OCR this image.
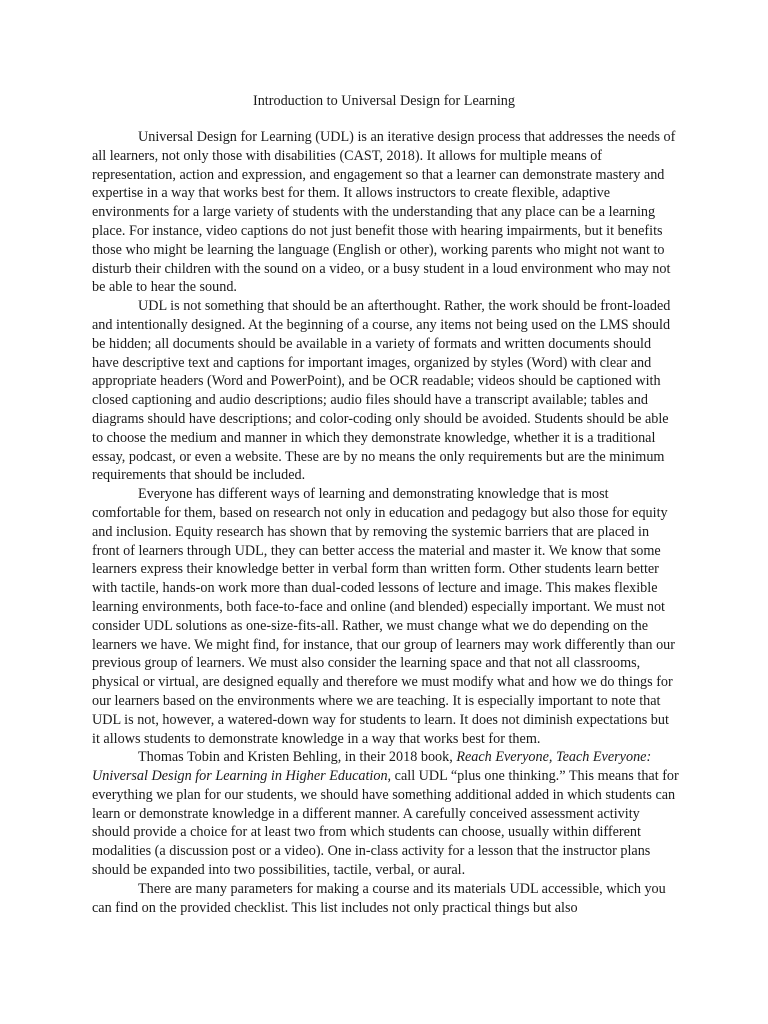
Introduction to Universal Design for Learning

Universal Design for Learning (UDL) is an iterative design process that addresses the needs of all learners, not only those with disabilities (CAST, 2018). It allows for multiple means of representation, action and expression, and engagement so that a learner can demonstrate mastery and expertise in a way that works best for them. It allows instructors to create flexible, adaptive environments for a large variety of students with the understanding that any place can be a learning place. For instance, video captions do not just benefit those with hearing impairments, but it benefits those who might be learning the language (English or other), working parents who might not want to disturb their children with the sound on a video, or a busy student in a loud environment who may not be able to hear the sound.

UDL is not something that should be an afterthought. Rather, the work should be front-loaded and intentionally designed. At the beginning of a course, any items not being used on the LMS should be hidden; all documents should be available in a variety of formats and written documents should have descriptive text and captions for important images, organized by styles (Word) with clear and appropriate headers (Word and PowerPoint), and be OCR readable; videos should be captioned with closed captioning and audio descriptions; audio files should have a transcript available; tables and diagrams should have descriptions; and color-coding only should be avoided. Students should be able to choose the medium and manner in which they demonstrate knowledge, whether it is a traditional essay, podcast, or even a website. These are by no means the only requirements but are the minimum requirements that should be included.

Everyone has different ways of learning and demonstrating knowledge that is most comfortable for them, based on research not only in education and pedagogy but also those for equity and inclusion. Equity research has shown that by removing the systemic barriers that are placed in front of learners through UDL, they can better access the material and master it. We know that some learners express their knowledge better in verbal form than written form. Other students learn better with tactile, hands-on work more than dual-coded lessons of lecture and image. This makes flexible learning environments, both face-to-face and online (and blended) especially important. We must not consider UDL solutions as one-size-fits-all. Rather, we must change what we do depending on the learners we have. We might find, for instance, that our group of learners may work differently than our previous group of learners. We must also consider the learning space and that not all classrooms, physical or virtual, are designed equally and therefore we must modify what and how we do things for our learners based on the environments where we are teaching. It is especially important to note that UDL is not, however, a watered-down way for students to learn. It does not diminish expectations but it allows students to demonstrate knowledge in a way that works best for them.

Thomas Tobin and Kristen Behling, in their 2018 book, Reach Everyone, Teach Everyone: Universal Design for Learning in Higher Education, call UDL “plus one thinking.” This means that for everything we plan for our students, we should have something additional added in which students can learn or demonstrate knowledge in a different manner. A carefully conceived assessment activity should provide a choice for at least two from which students can choose, usually within different modalities (a discussion post or a video). One in-class activity for a lesson that the instructor plans should be expanded into two possibilities, tactile, verbal, or aural.

There are many parameters for making a course and its materials UDL accessible, which you can find on the provided checklist. This list includes not only practical things but also
